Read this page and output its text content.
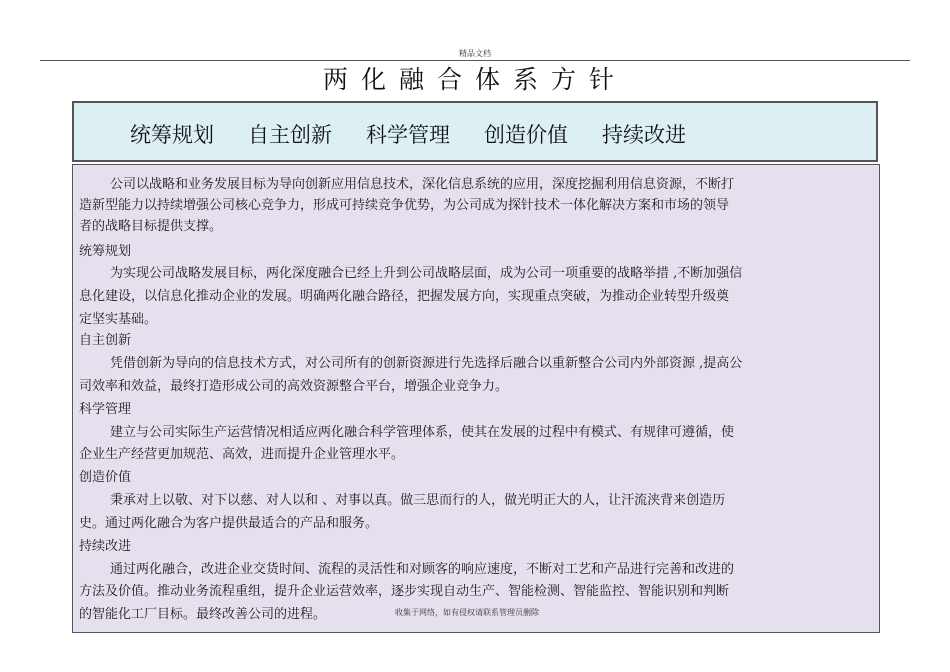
精品文档
两化融合体系方针
统筹规划 自主创新 科学管理 创造价值 持续改进
公司以战略和业务发展目标为导向创新应用信息技术，深化信息系统的应用，深度挖掘利用信息资源，不断打
造新型能力以持续增强公司核心竞争力，形成可持续竞争优势，为公司成为探针技术一体化解决方案和市场的领导
者的战略目标提供支撑。
统筹规划
为实现公司战略发展目标，两化深度融合已经上升到公司战略层面，成为公司一项重要的战略举措 ,不断加强信
息化建设，以信息化推动企业的发展。明确两化融合路径，把握发展方向，实现重点突破，为推动企业转型升级奠
定坚实基础。
自主创新
凭借创新为导向的信息技术方式，对公司所有的创新资源进行先选择后融合以重新整合公司内外部资源 ,提高公
司效率和效益，最终打造形成公司的高效资源整合平台，增强企业竞争力。
科学管理
建立与公司实际生产运营情况相适应两化融合科学管理体系，使其在发展的过程中有模式、有规律可遵循，使
企业生产经营更加规范、高效，进而提升企业管理水平。
创造价值
秉承对上以敬、对下以慈、对人以和 、对事以真。做三思而行的人，做光明正大的人，让汗流浃背来创造历
史。通过两化融合为客户提供最适合的产品和服务。
持续改进
通过两化融合，改进企业交货时间、流程的灵活性和对顾客的响应速度，不断对工艺和产品进行完善和改进的
方法及价值。推动业务流程重组，提升企业运营效率，逐步实现自动生产、智能检测、智能监控、智能识别和判断
的智能化工厂目标。最终改善公司的进程。	收集于网络，如有侵权请联系管理员删除
